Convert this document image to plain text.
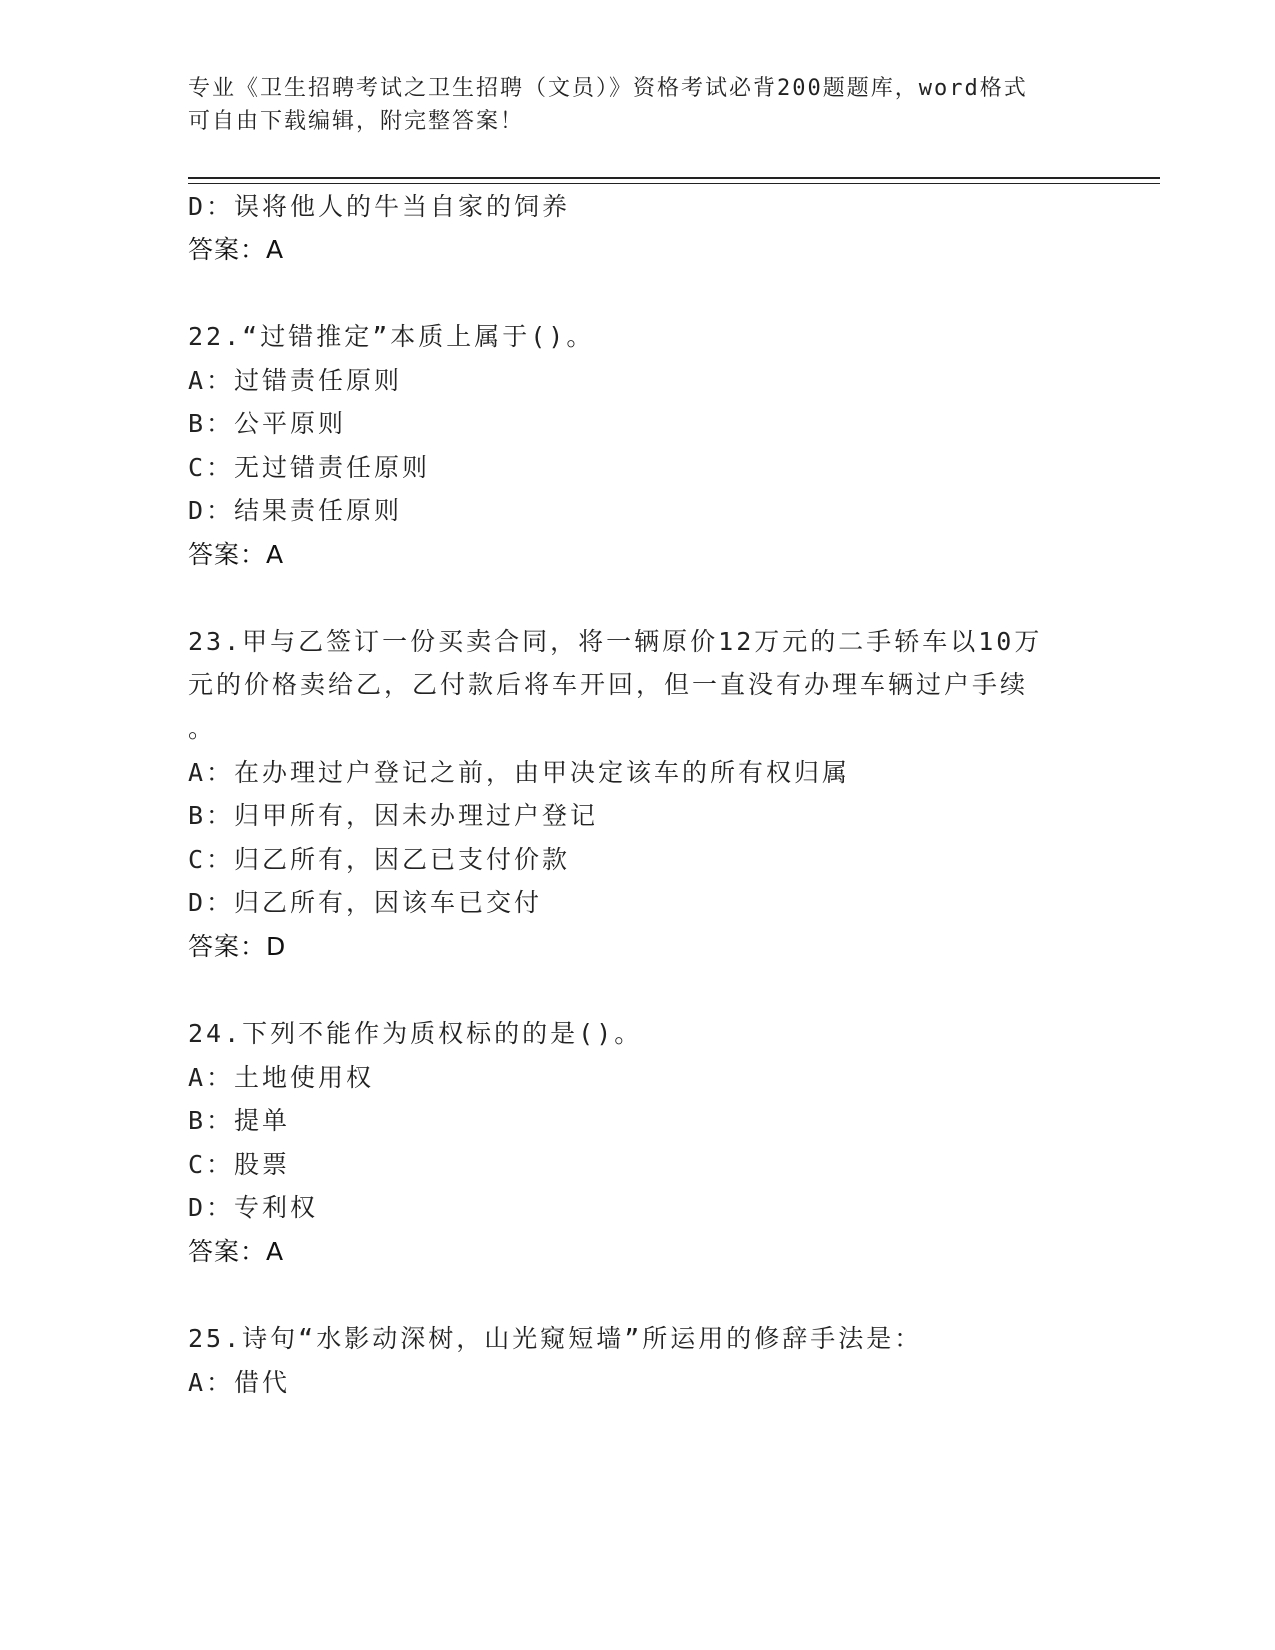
专业《卫生招聘考试之卫生招聘（文员）》资格考试必背200题题库，word格式
可自由下载编辑，附完整答案！
D：误将他人的牛当自家的饲养
答案：A
22.“过错推定”本质上属于()。
A：过错责任原则
B：公平原则
C：无过错责任原则
D：结果责任原则
答案：A
23.甲与乙签订一份买卖合同，将一辆原价12万元的二手轿车以10万
元的价格卖给乙，乙付款后将车开回，但一直没有办理车辆过户手续
。
A：在办理过户登记之前，由甲决定该车的所有权归属
B：归甲所有，因未办理过户登记
C：归乙所有，因乙已支付价款
D：归乙所有，因该车已交付
答案：D
24.下列不能作为质权标的的是()。
A：土地使用权
B：提单
C：股票
D：专利权
答案：A
25.诗句“水影动深树，山光窥短墙”所运用的修辞手法是：
A：借代
